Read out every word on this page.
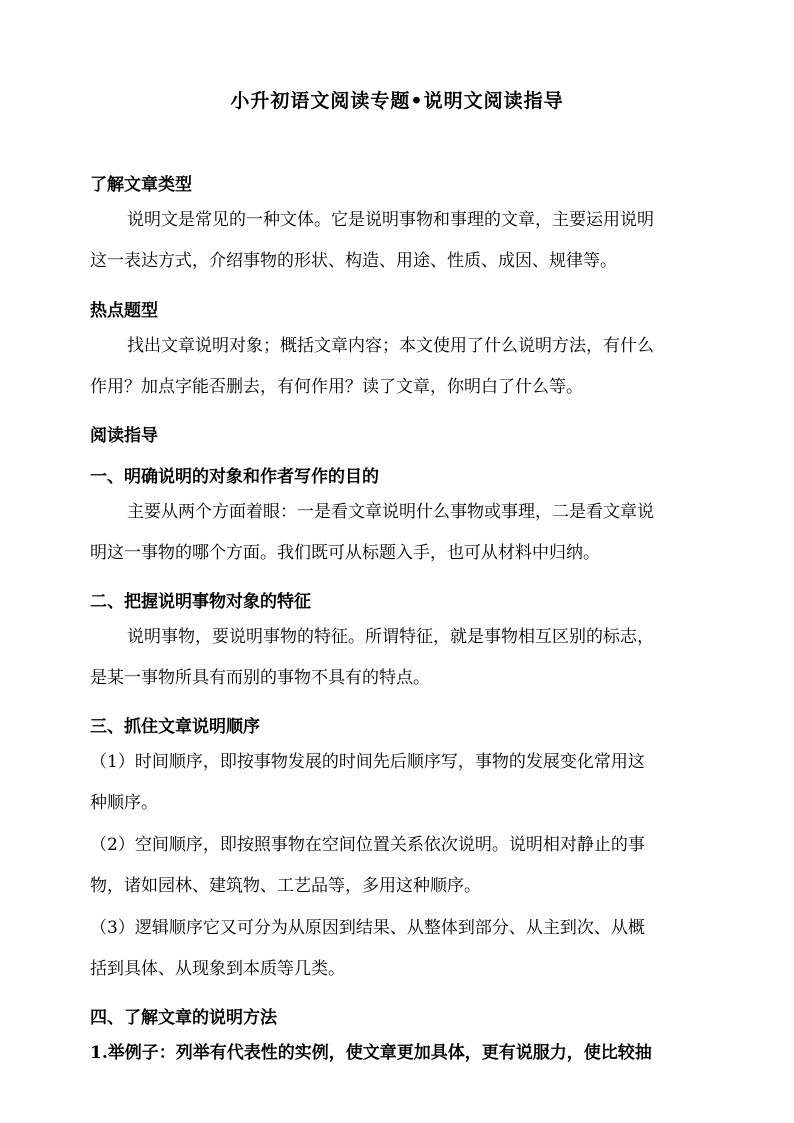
小升初语文阅读专题•说明文阅读指导
了解文章类型
说明文是常见的一种文体。它是说明事物和事理的文章，主要运用说明
这一表达方式，介绍事物的形状、构造、用途、性质、成因、规律等。
热点题型
找出文章说明对象；概括文章内容；本文使用了什么说明方法，有什么
作用？加点字能否删去，有何作用？读了文章，你明白了什么等。
阅读指导
一、明确说明的对象和作者写作的目的
主要从两个方面着眼：一是看文章说明什么事物或事理，二是看文章说
明这一事物的哪个方面。我们既可从标题入手，也可从材料中归纳。
二、把握说明事物对象的特征
说明事物，要说明事物的特征。所谓特征，就是事物相互区别的标志，
是某一事物所具有而别的事物不具有的特点。
三、抓住文章说明顺序
（1）时间顺序，即按事物发展的时间先后顺序写，事物的发展变化常用这
种顺序。
（2）空间顺序，即按照事物在空间位置关系依次说明。说明相对静止的事
物，诸如园林、建筑物、工艺品等，多用这种顺序。
（3）逻辑顺序它又可分为从原因到结果、从整体到部分、从主到次、从概
括到具体、从现象到本质等几类。
四、了解文章的说明方法
1.举例子：列举有代表性的实例，使文章更加具体，更有说服力，使比较抽
